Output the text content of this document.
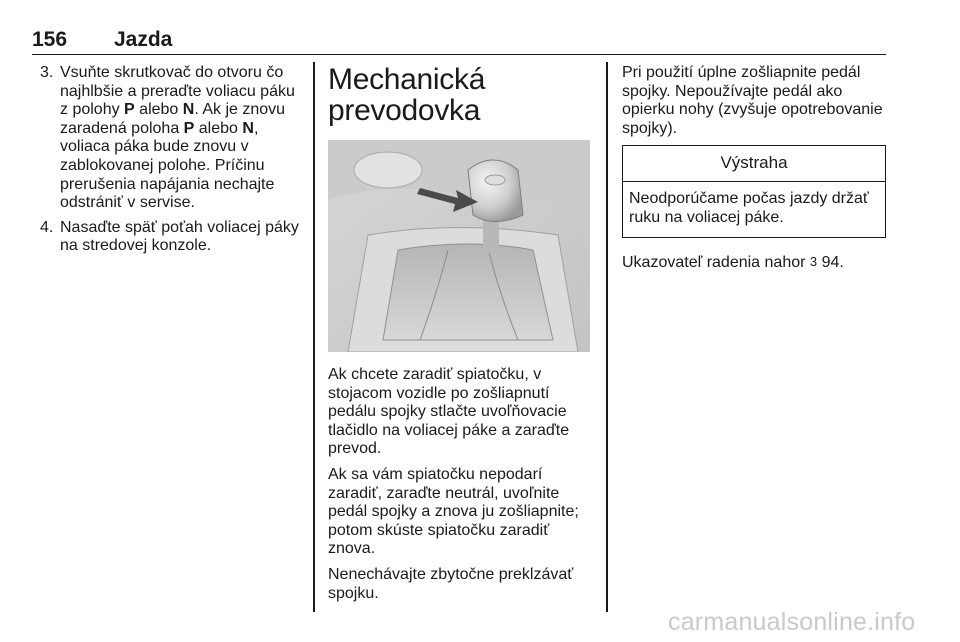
156 Jazda
3. Vsuňte skrutkovač do otvoru čo najhlbšie a preraďte voliacu páku z polohy P alebo N. Ak je znovu zaradená poloha P alebo N, voliaca páka bude znovu v zablokovanej polohe. Príčinu prerušenia napájania nechajte odstrániť v servise.
4. Nasaďte späť poťah voliacej páky na stredovej konzole.
Mechanická
prevodovka

Ak chcete zaradiť spiatočku, v stojacom vozidle po zošliapnutí pedálu spojky stlačte uvoľňovacie tlačidlo na voliacej páke a zaraďte prevod.

Ak sa vám spiatočku nepodarí zaradiť, zaraďte neutrál, uvoľnite pedál spojky a znova ju zošliapnite; potom skúste spiatočku zaradiť znova.

Nenechávajte zbytočne preklzávať spojku.

Pri použití úplne zošliapnite pedál spojky. Nepoužívajte pedál ako opierku nohy (zvyšuje opotrebovanie spojky).

Výstraha
Neodporúčame počas jazdy držať ruku na voliacej páke.

Ukazovateľ radenia nahor 3 94.

carmanualsonline.info
